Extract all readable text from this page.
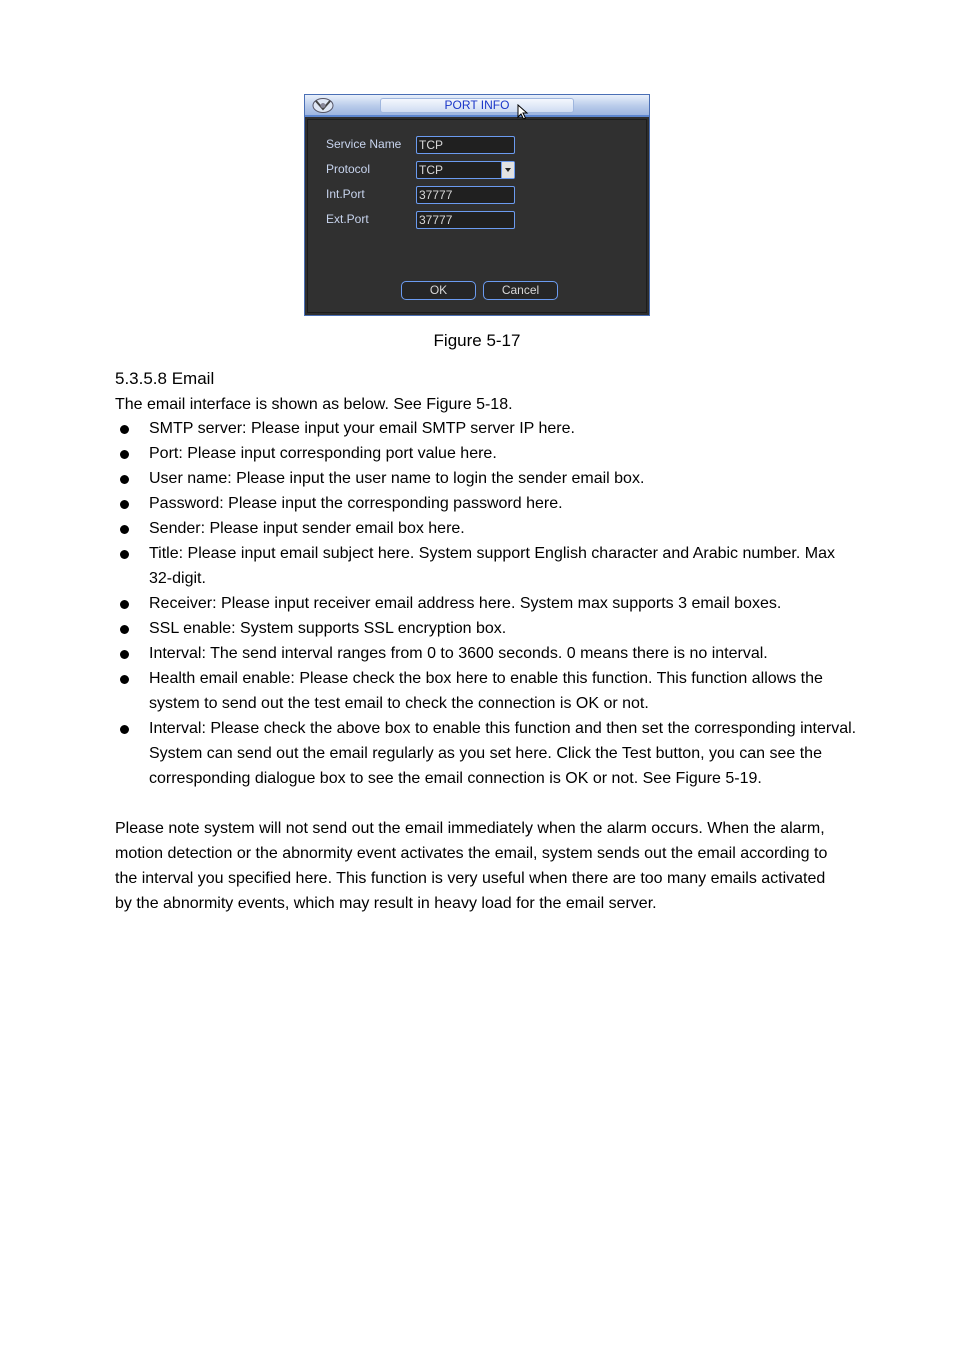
PORT INFO
Service Name TCP
Protocol	TCP
Int.Port	37777
Ext.Port	37777
OK	Cancel
Figure 5-17
5.3.5.8 Email
The email interface is shown as below. See Figure 5-18.
SMTP server: Please input your email SMTP server IP here.
Port: Please input corresponding port value here.
User name: Please input the user name to login the sender email box.
Password: Please input the corresponding password here.
Sender: Please input sender email box here.
Title: Please input email subject here. System support English character and Arabic number. Max 32-digit.
Receiver: Please input receiver email address here. System max supports 3 email boxes.
SSL enable: System supports SSL encryption box.
Interval: The send interval ranges from 0 to 3600 seconds. 0 means there is no interval.
Health email enable: Please check the box here to enable this function. This function allows the system to send out the test email to check the connection is OK or not.
Interval: Please check the above box to enable this function and then set the corresponding interval. System can send out the email regularly as you set here. Click the Test button, you can see the corresponding dialogue box to see the email connection is OK or not. See Figure 5-19.
Please note system will not send out the email immediately when the alarm occurs. When the alarm, motion detection or the abnormity event activates the email, system sends out the email according to the interval you specified here. This function is very useful when there are too many emails activated by the abnormity events, which may result in heavy load for the email server.
